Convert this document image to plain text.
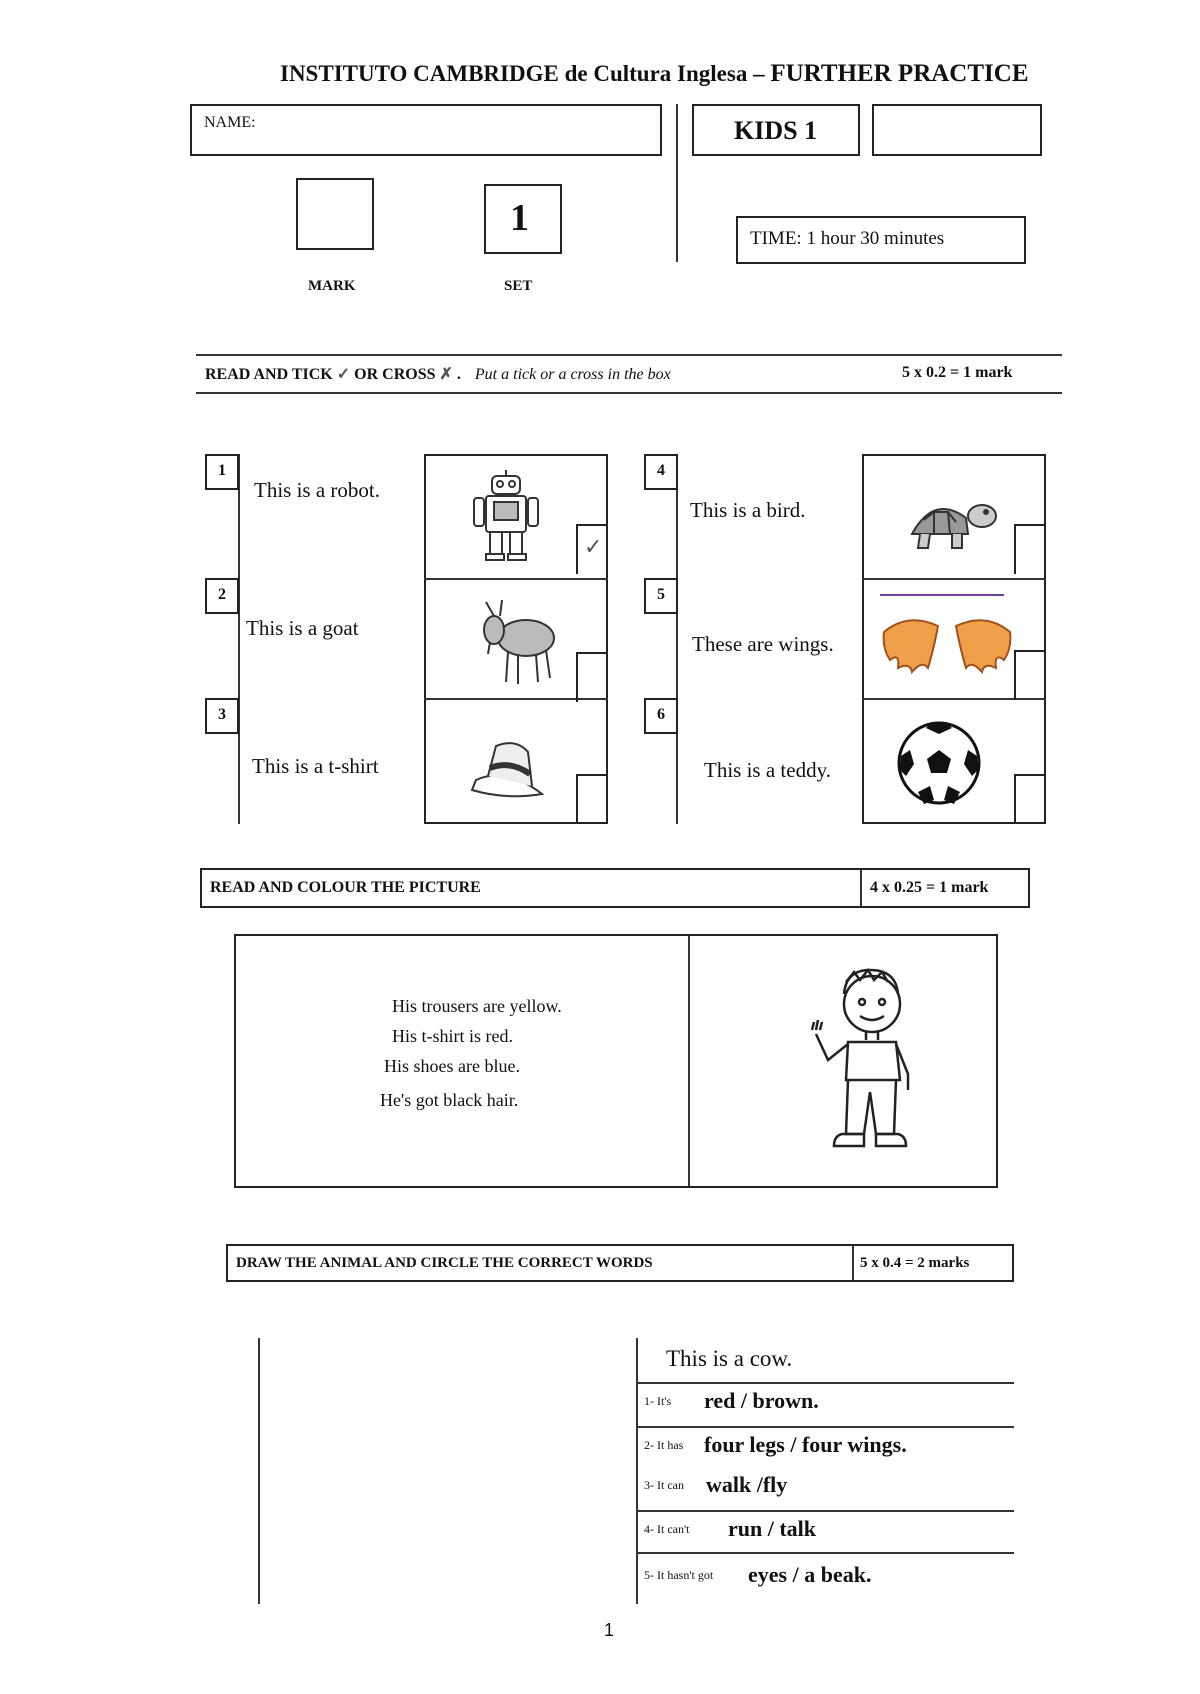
INSTITUTO CAMBRIDGE de Cultura Inglesa – FURTHER PRACTICE
NAME:	KIDS 1
MARK
1
SET
TIME: 1 hour 30 minutes
READ AND TICK ✓ OR CROSS ✗ . Put a tick or a cross in the box	5 x 0.2 = 1 mark
1
2
3
This is a robot.
This is a goat
This is a t-shirt
✓
4
5
6
This is a bird.
These are wings.
This is a teddy.
READ AND COLOUR THE PICTURE	4 x 0.25 = 1 mark
His trousers are yellow.
His t-shirt is red.
His shoes are blue.
He's got black hair.
DRAW THE ANIMAL AND CIRCLE THE CORRECT WORDS	5 x 0.4 = 2 marks
This is a cow.
1- It's red / brown.
2- It has four legs / four wings.
3- It can walk /fly
4- It can't run / talk
5- It hasn't got eyes / a beak.
1
